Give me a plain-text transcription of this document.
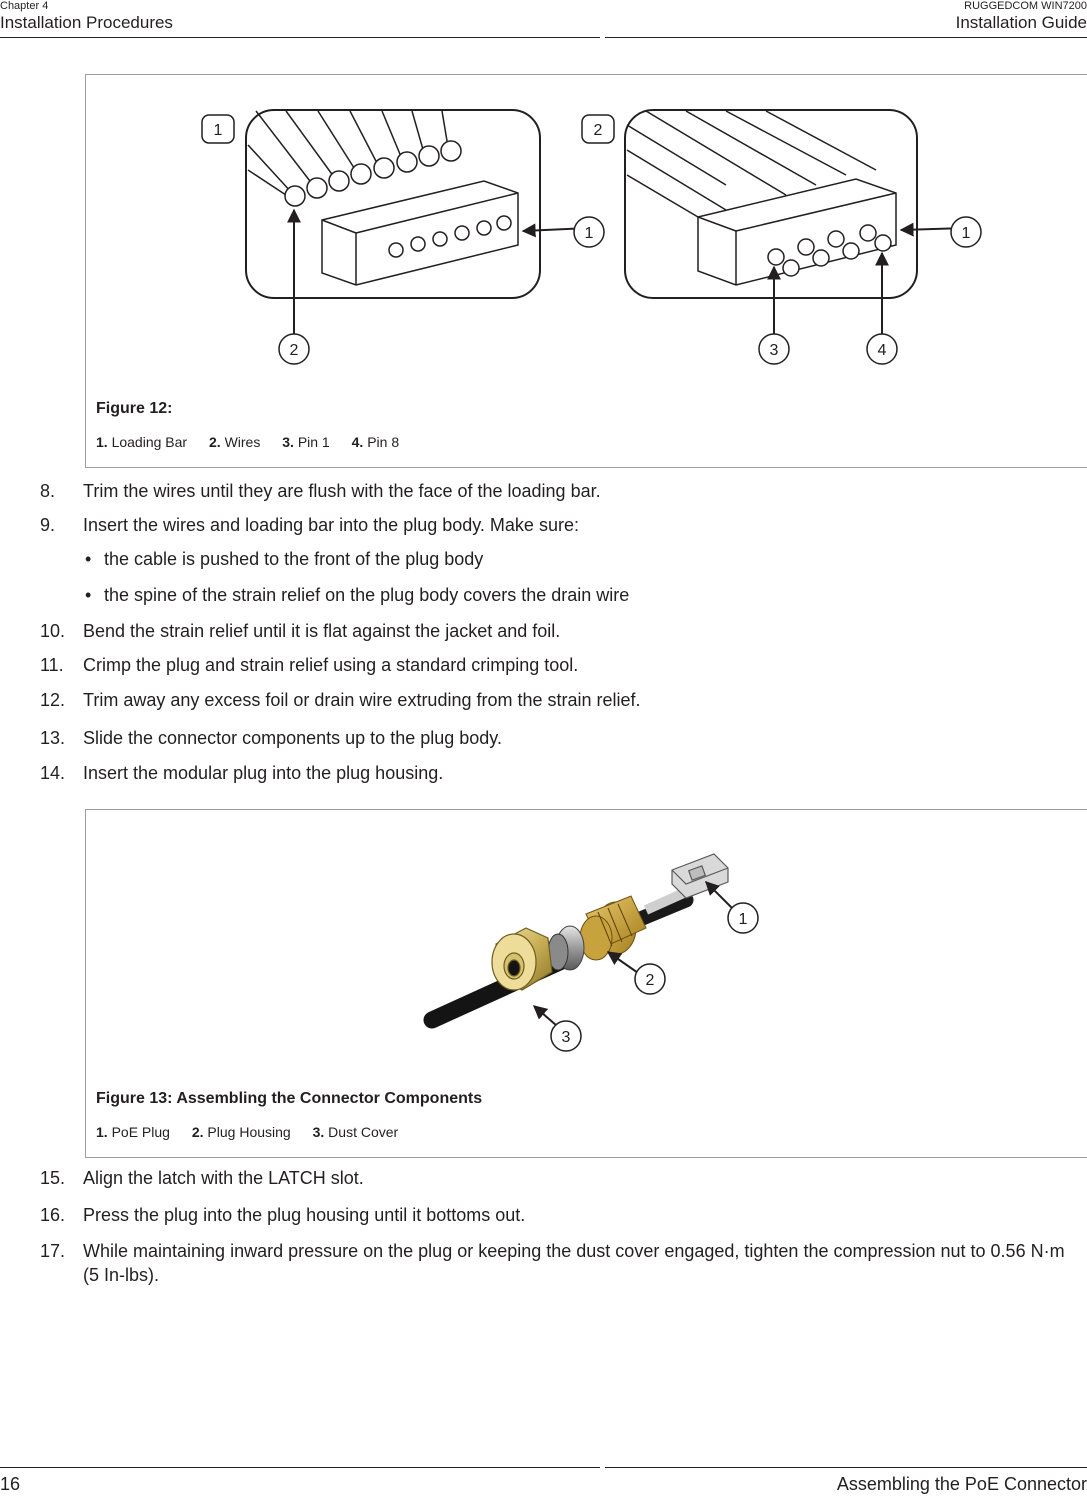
Chapter 4
Installation Procedures
RUGGEDCOM WIN7200
Installation Guide
1	2
1	1
2	3	4
Figure 12:
1. Loading Bar 2. Wires 3. Pin 1 4. Pin 8
8.	Trim the wires until they are flush with the face of the loading bar.
9.	Insert the wires and loading bar into the plug body. Make sure:
• the cable is pushed to the front of the plug body
• the spine of the strain relief on the plug body covers the drain wire
10. Bend the strain relief until it is flat against the jacket and foil.
11.	Crimp the plug and strain relief using a standard crimping tool.
12. Trim away any excess foil or drain wire extruding from the strain relief.
13. Slide the connector components up to the plug body.
14. Insert the modular plug into the plug housing.
1
2
3
Figure 13: Assembling the Connector Components
1. PoE Plug 2. Plug Housing 3. Dust Cover
15. Align the latch with the LATCH slot.
16. Press the plug into the plug housing until it bottoms out.
17. While maintaining inward pressure on the plug or keeping the dust cover engaged, tighten the compression nut to 0.56 N·m (5 In-lbs).
16	Assembling the PoE Connector
